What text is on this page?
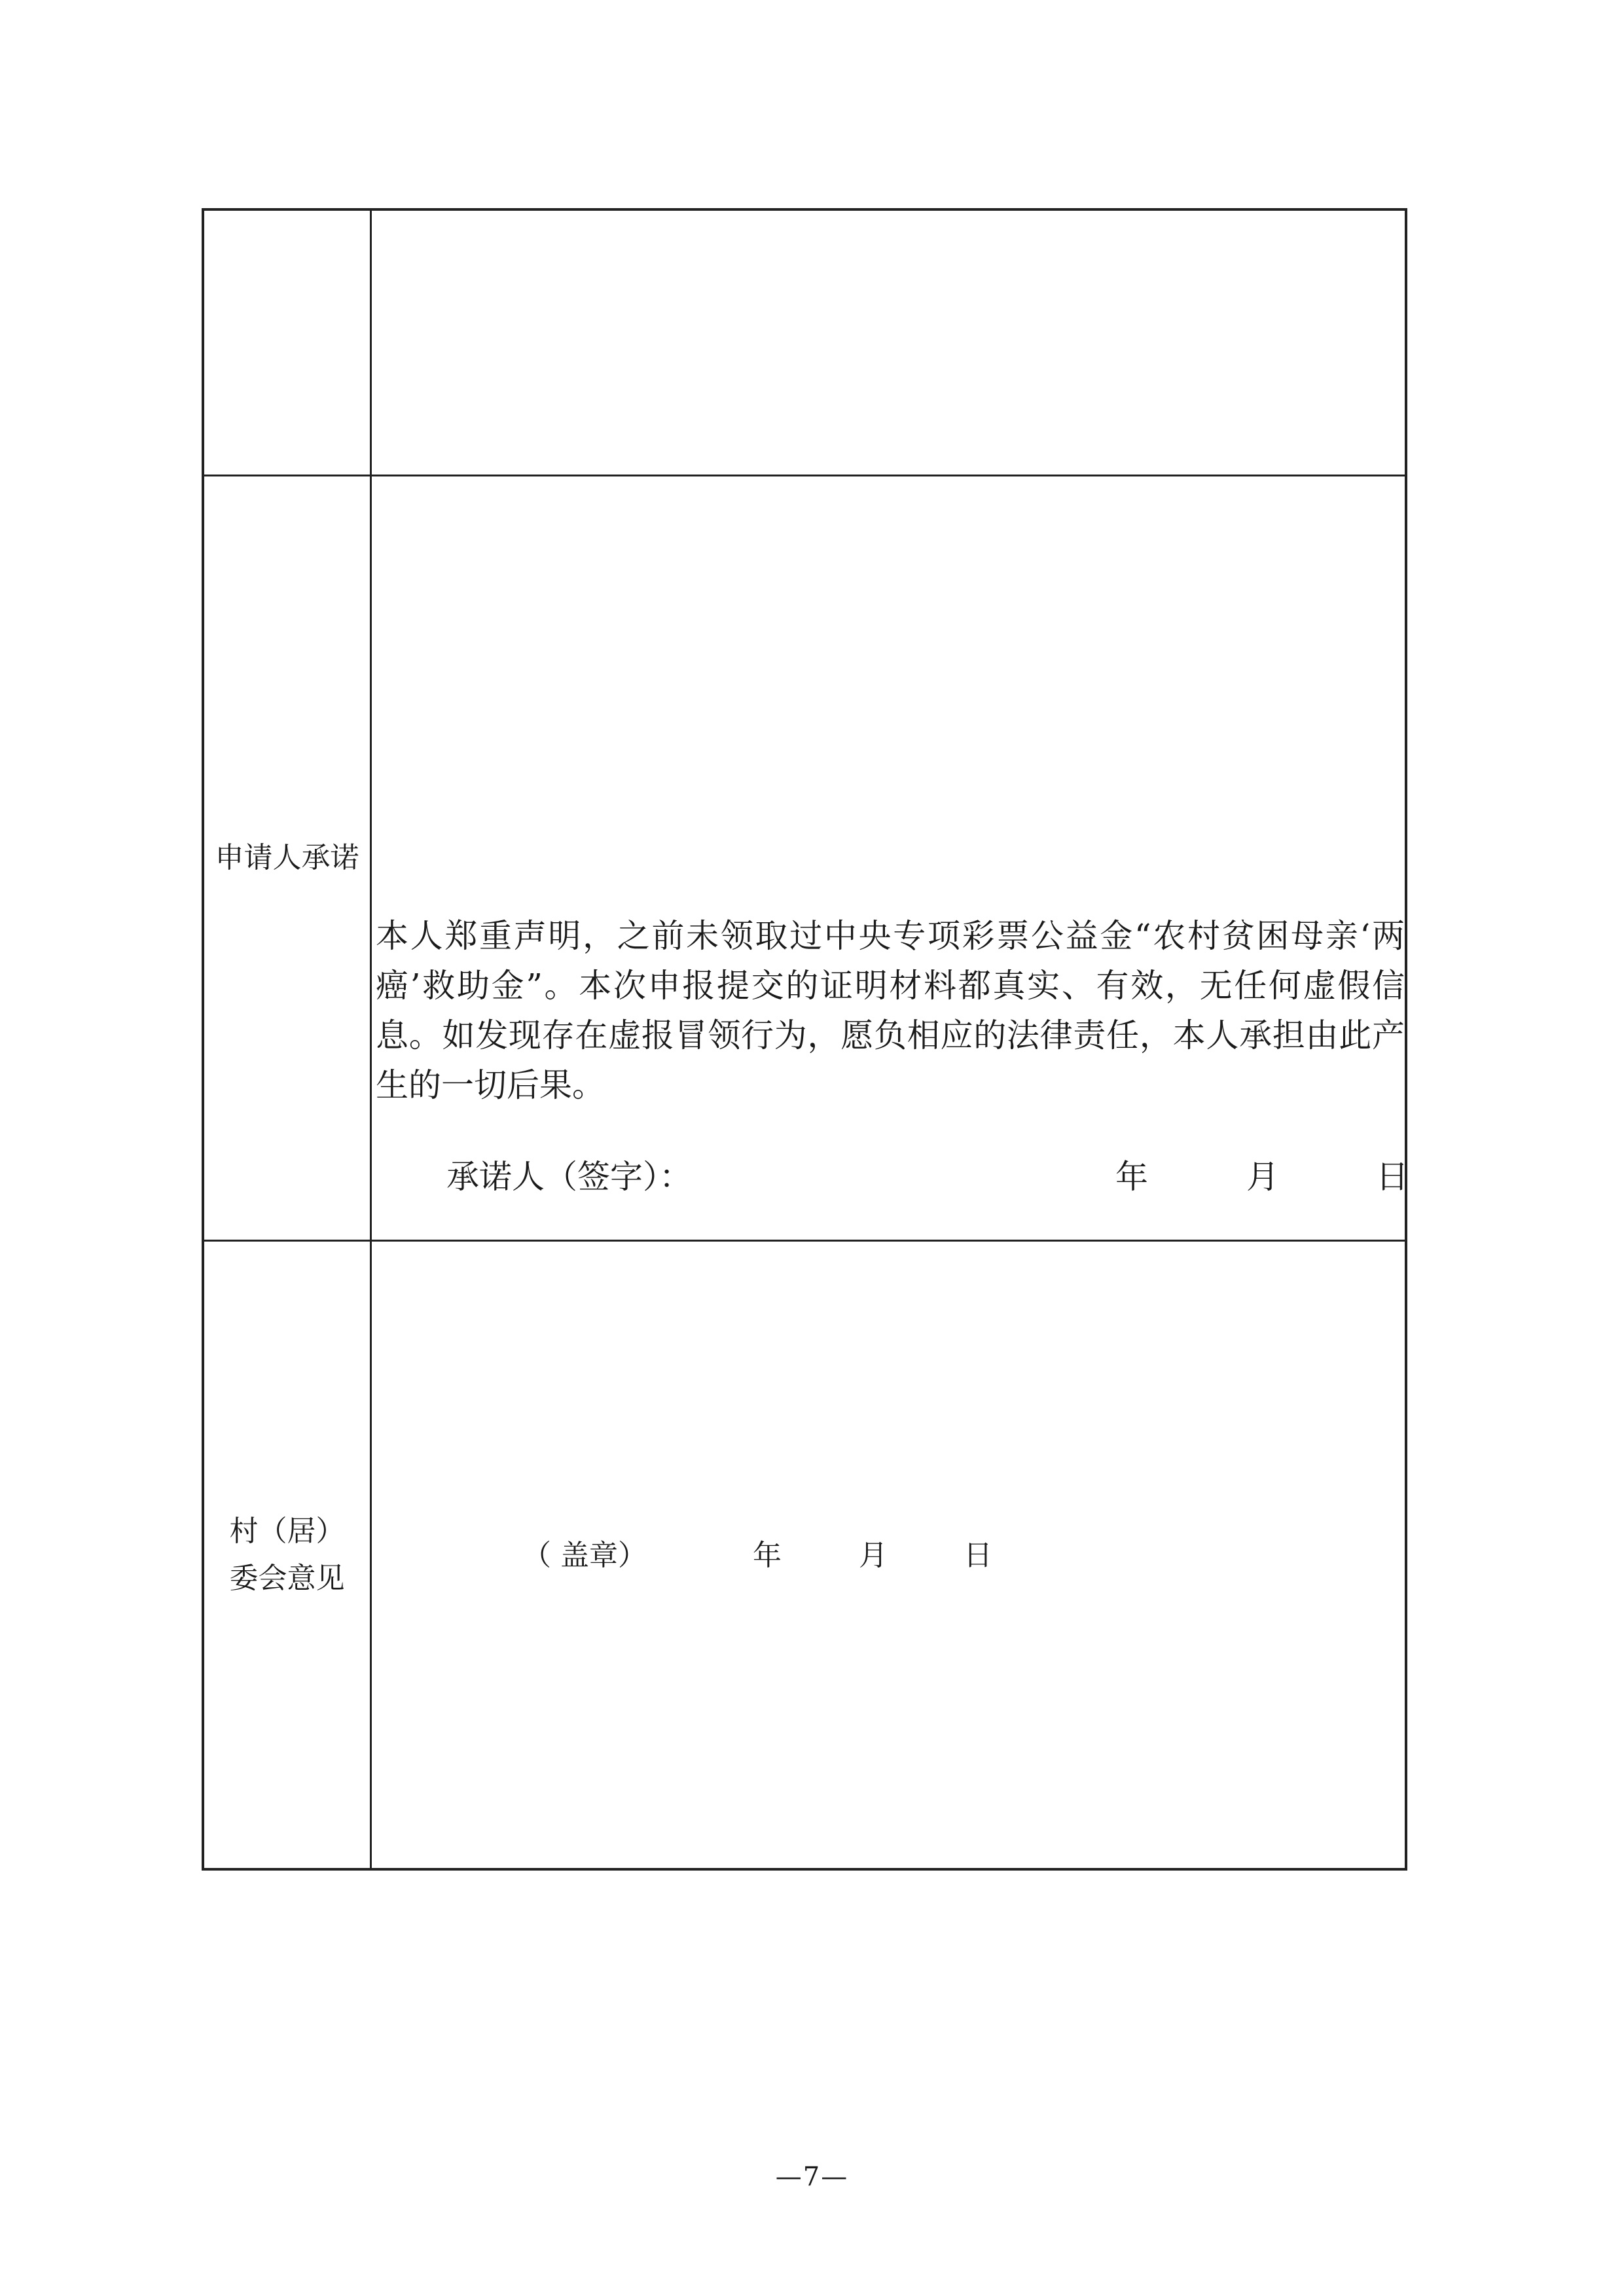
申请人承诺

本人郑重声明，之前未领取过中央专项彩票公益金“农村贫困母亲‘两癌’救助金”。本次申报提交的证明材料都真实、有效，无任何虚假信息。如发现存在虚报冒领行为，愿负相应的法律责任，本人承担由此产生的一切后果。

承诺人（签字）：	年	月	日
村（居）
委会意见
（ 盖章）	年	月	日
—7—
